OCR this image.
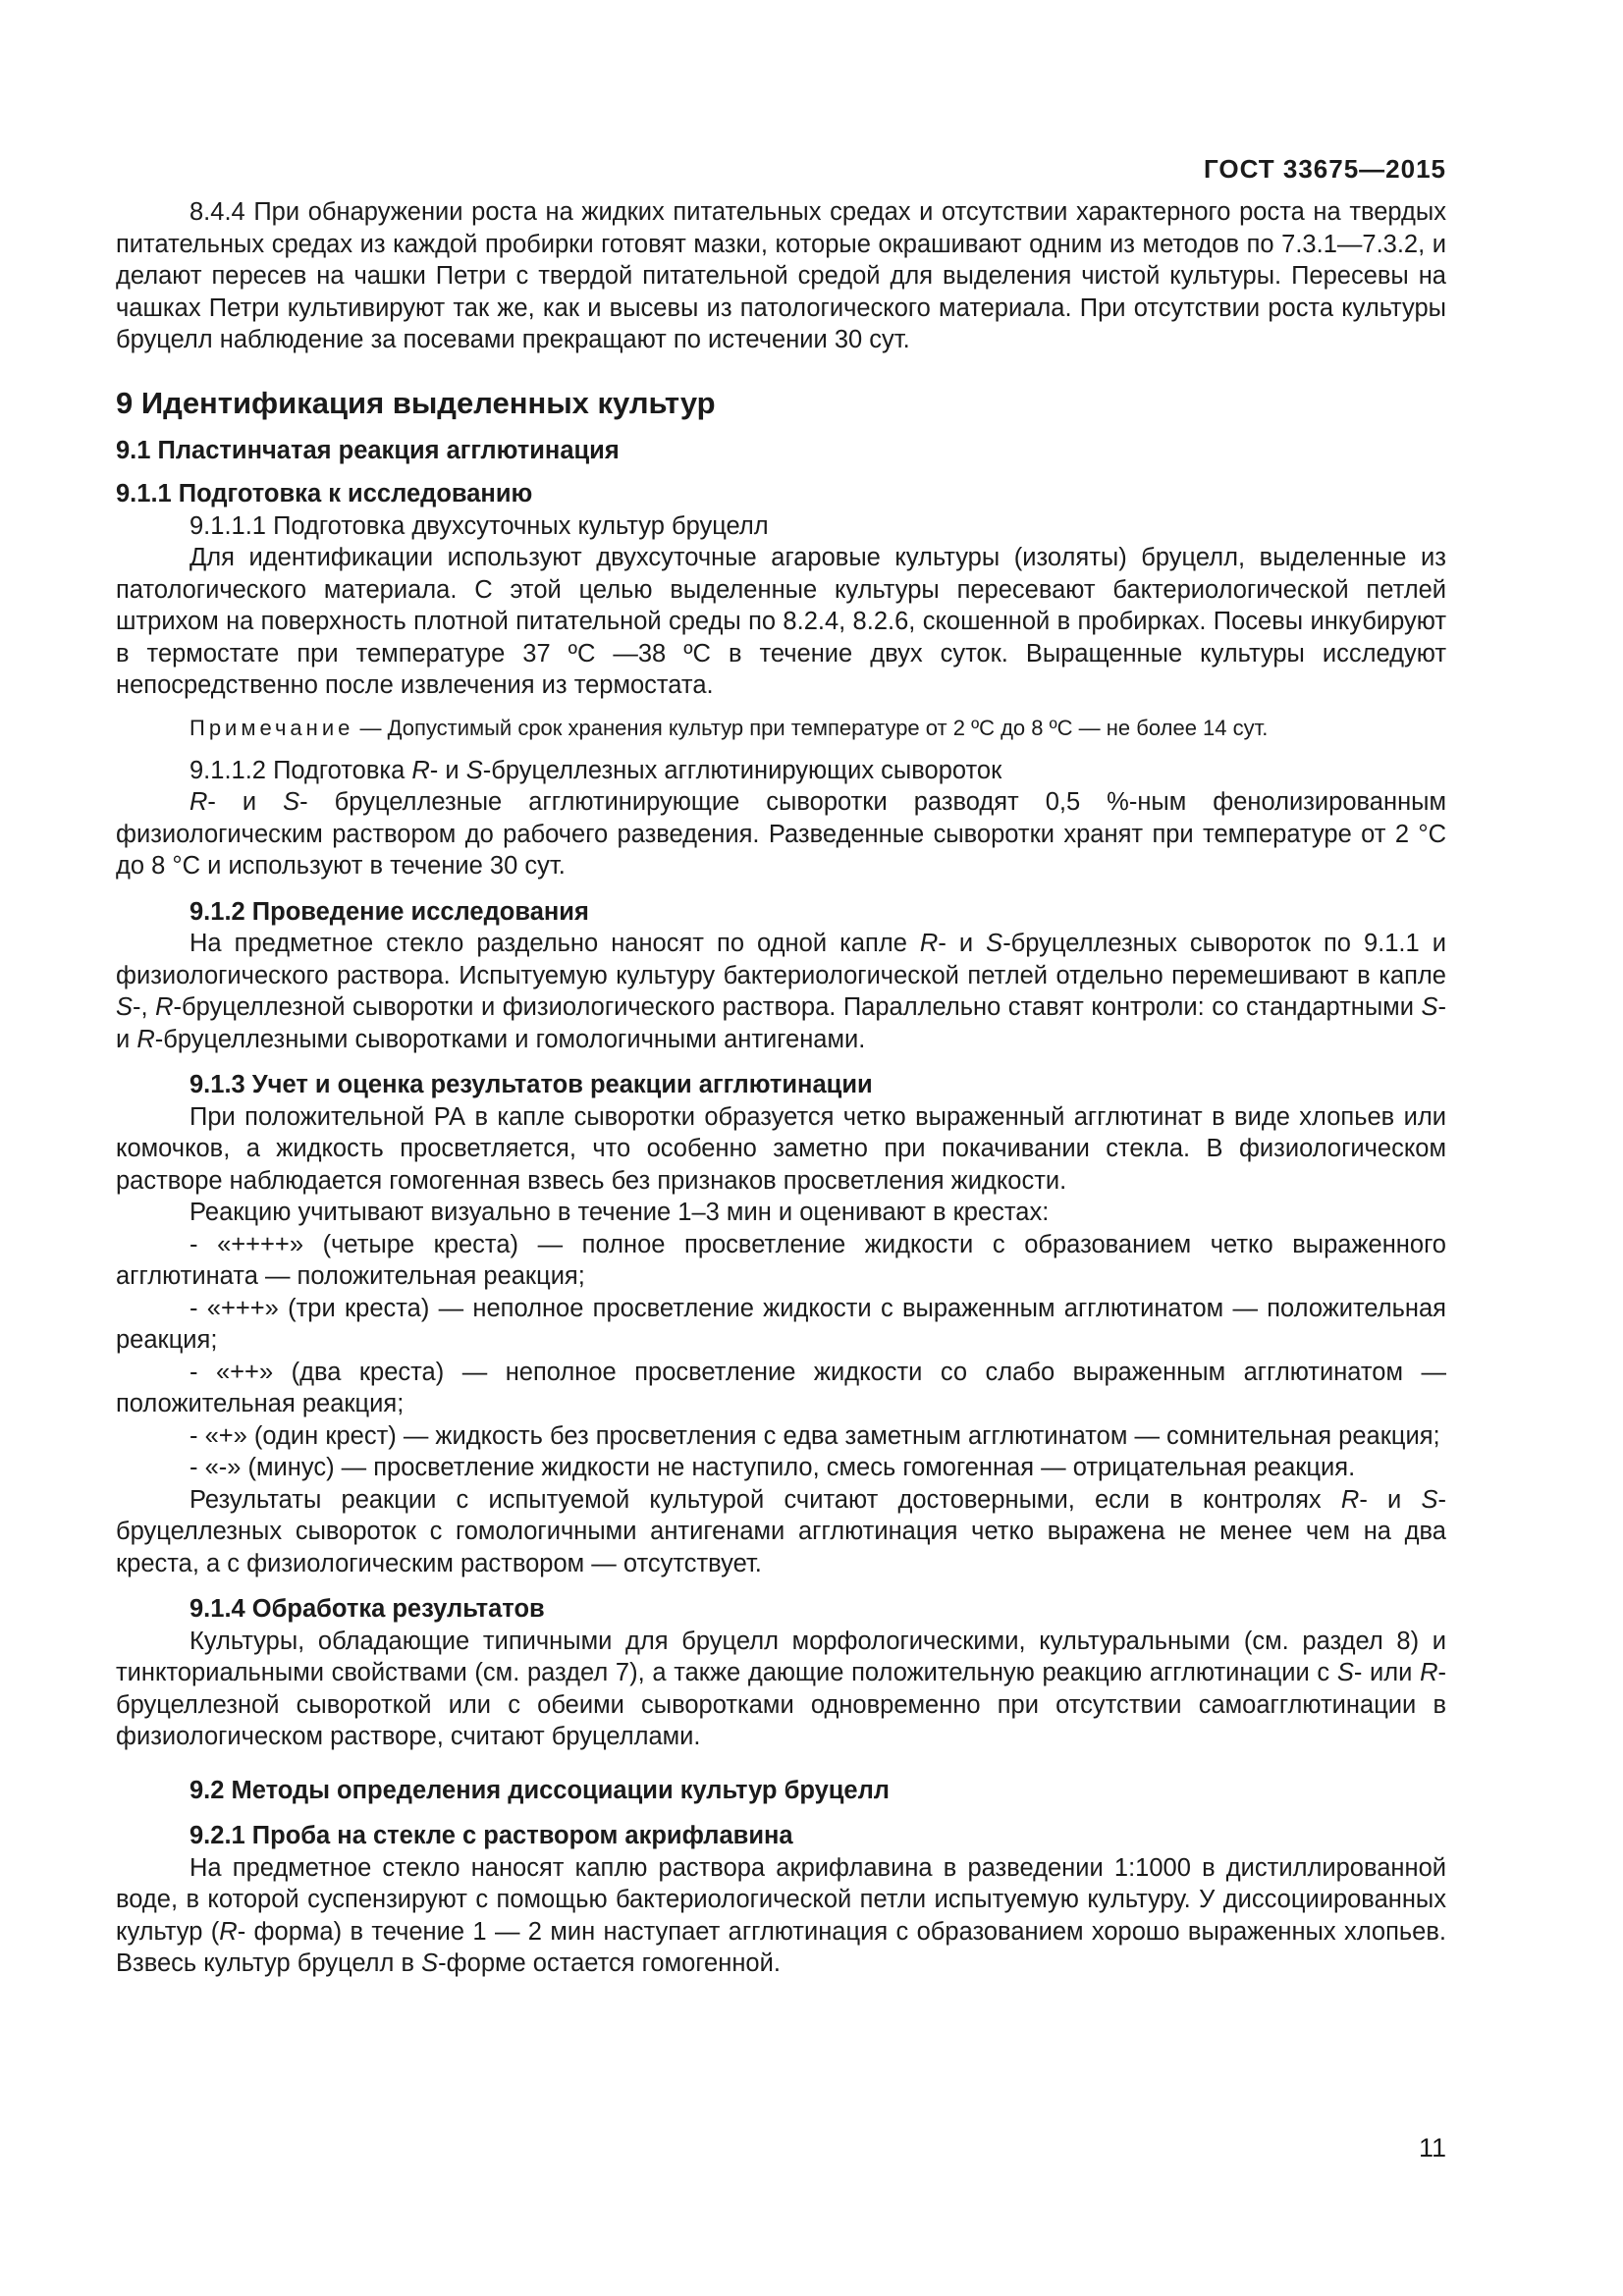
ГОСТ 33675—2015

8.4.4 При обнаружении роста на жидких питательных средах и отсутствии характерного роста на твердых питательных средах из каждой пробирки готовят мазки, которые окрашивают одним из методов по 7.3.1—7.3.2, и делают пересев на чашки Петри с твердой питательной средой для выделения чистой культуры. Пересевы на чашках Петри культивируют так же, как и высевы из патологического материала. При отсутствии роста культуры бруцелл наблюдение за посевами прекращают по истечении 30 сут.

9 Идентификация выделенных культур
9.1 Пластинчатая реакция агглютинация
9.1.1 Подготовка к исследованию

9.1.1.1 Подготовка двухсуточных культур бруцелл

Для идентификации используют двухсуточные агаровые культуры (изоляты) бруцелл, выделенные из патологического материала. С этой целью выделенные культуры пересевают бактериологической петлей штрихом на поверхность плотной питательной среды по 8.2.4, 8.2.6, скошенной в пробирках. Посевы инкубируют в термостате при температуре 37 ºС —38 ºС в течение двух суток. Выращенные культуры исследуют непосредственно после извлечения из термостата.

Примечание — Допустимый срок хранения культур при температуре от 2 ºС до 8 ºС — не более 14 сут.

9.1.1.2 Подготовка R- и S-бруцеллезных агглютинирующих сывороток

R- и S- бруцеллезные агглютинирующие сыворотки разводят 0,5 %-ным фенолизированным физиологическим раствором до рабочего разведения. Разведенные сыворотки хранят при температуре от 2 °С до 8 °С и используют в течение 30 сут.

9.1.2 Проведение исследования

На предметное стекло раздельно наносят по одной капле R- и S-бруцеллезных сывороток по 9.1.1 и физиологического раствора. Испытуемую культуру бактериологической петлей отдельно перемешивают в капле S-, R-бруцеллезной сыворотки и физиологического раствора. Параллельно ставят контроли: со стандартными S- и R-бруцеллезными сыворотками и гомологичными антигенами.

9.1.3 Учет и оценка результатов реакции агглютинации

При положительной РА в капле сыворотки образуется четко выраженный агглютинат в виде хлопьев или комочков, а жидкость просветляется, что особенно заметно при покачивании стекла. В физиологическом растворе наблюдается гомогенная взвесь без признаков просветления жидкости.

Реакцию учитывают визуально в течение 1–3 мин и оценивают в крестах:

- «++++» (четыре креста) — полное просветление жидкости с образованием четко выраженного агглютината — положительная реакция;

- «+++» (три креста) — неполное просветление жидкости с выраженным агглютинатом — положительная реакция;

- «++» (два креста) — неполное просветление жидкости со слабо выраженным агглютинатом — положительная реакция;

- «+» (один крест) — жидкость без просветления с едва заметным агглютинатом — сомнительная реакция;

- «-» (минус) — просветление жидкости не наступило, смесь гомогенная — отрицательная реакция.

Результаты реакции с испытуемой культурой считают достоверными, если в контролях R- и S-бруцеллезных сывороток с гомологичными антигенами агглютинация четко выражена не менее чем на два креста, а с физиологическим раствором — отсутствует.

9.1.4 Обработка результатов

Культуры, обладающие типичными для бруцелл морфологическими, культуральными (см. раздел 8) и тинкториальными свойствами (см. раздел 7), а также дающие положительную реакцию агглютинации с S- или R-бруцеллезной сывороткой или с обеими сыворотками одновременно при отсутствии самоагглютинации в физиологическом растворе, считают бруцеллами.

9.2 Методы определения диссоциации культур бруцелл
9.2.1 Проба на стекле с раствором акрифлавина

На предметное стекло наносят каплю раствора акрифлавина в разведении 1:1000 в дистиллированной воде, в которой суспензируют с помощью бактериологической петли испытуемую культуру. У диссоциированных культур (R- форма) в течение 1 — 2 мин наступает агглютинация с образованием хорошо выраженных хлопьев. Взвесь культур бруцелл в S-форме остается гомогенной.

11
